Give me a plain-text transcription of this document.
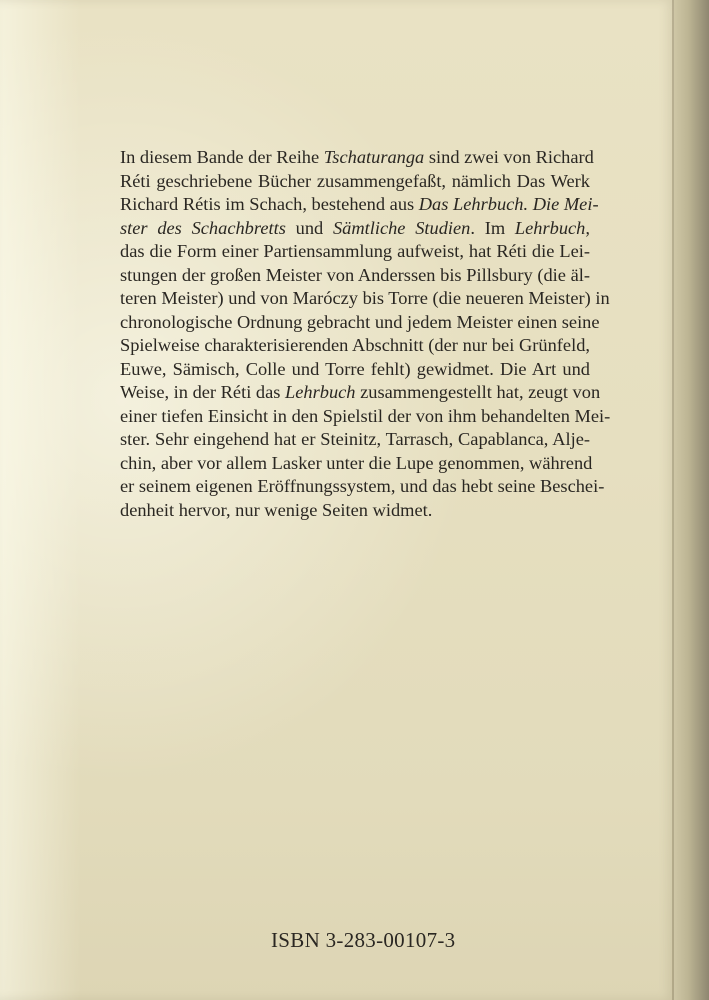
In diesem Bande der Reihe Tschaturanga sind zwei von Richard
Réti geschriebene Bücher zusammengefaßt, nämlich Das Werk
Richard Rétis im Schach, bestehend aus Das Lehrbuch. Die Mei-
ster des Schachbretts und Sämtliche Studien. Im Lehrbuch,
das die Form einer Partiensammlung aufweist, hat Réti die Lei-
stungen der großen Meister von Anderssen bis Pillsbury (die äl-
teren Meister) und von Maróczy bis Torre (die neueren Meister) in
chronologische Ordnung gebracht und jedem Meister einen seine
Spielweise charakterisierenden Abschnitt (der nur bei Grünfeld,
Euwe, Sämisch, Colle und Torre fehlt) gewidmet. Die Art und
Weise, in der Réti das Lehrbuch zusammengestellt hat, zeugt von
einer tiefen Einsicht in den Spielstil der von ihm behandelten Mei-
ster. Sehr eingehend hat er Steinitz, Tarrasch, Capablanca, Alje-
chin, aber vor allem Lasker unter die Lupe genommen, während
er seinem eigenen Eröffnungssystem, und das hebt seine Beschei-
denheit hervor, nur wenige Seiten widmet.

ISBN 3-283-00107-3
